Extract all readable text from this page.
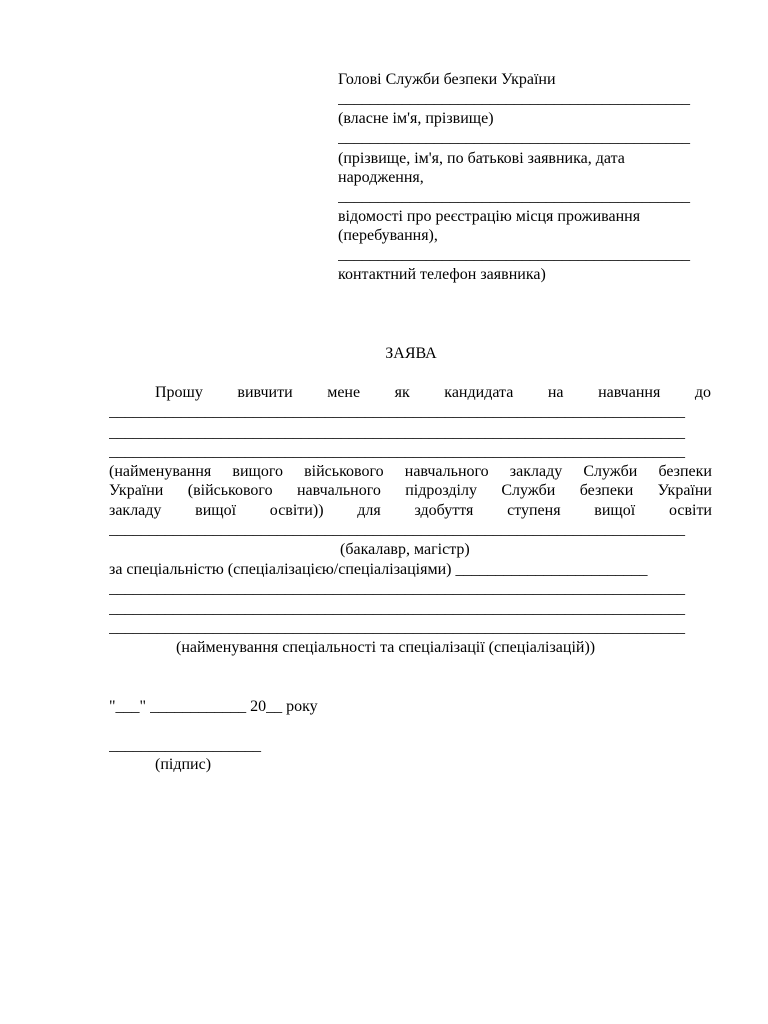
Голові Служби безпеки України
____________________________________________
(власне ім'я, прізвище)
____________________________________________
(прізвище, ім'я, по батькові заявника, дата
народження,
____________________________________________
відомості про реєстрацію місця проживання
(перебування),
____________________________________________
контактний телефон заявника)
ЗАЯВА
Прошу вивчити мене як кандидата на навчання до
________________________________________________________________________
________________________________________________________________________
________________________________________________________________________
(найменування вищого військового навчального закладу Служби безпеки
України (військового навчального підрозділу Служби безпеки України
закладу вищої освіти)) для здобуття ступеня вищої освіти
________________________________________________________________________
(бакалавр, магістр)
за спеціальністю (спеціалізацією/спеціалізаціями) ________________________
________________________________________________________________________
________________________________________________________________________
________________________________________________________________________
(найменування спеціальності та спеціалізації (спеціалізацій))
"___" ____________ 20__ року
___________________
(підпис)
